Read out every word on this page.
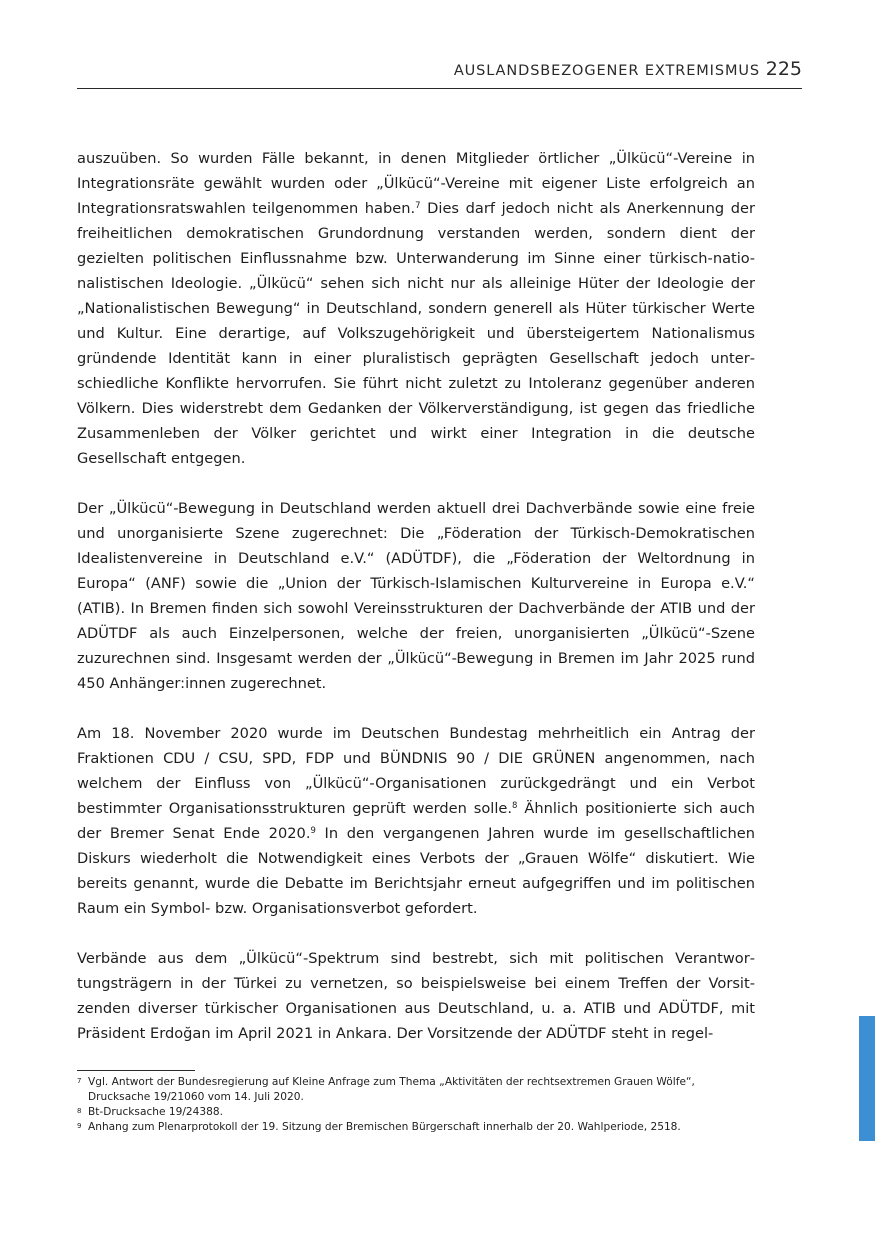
AUSLANDSBEZOGENER EXTREMISMUS 225

auszuüben. So wurden Fälle bekannt, in denen Mitglieder örtlicher „Ülkücü“-Vereine in Integrationsräte gewählt wurden oder „Ülkücü“-Vereine mit eigener Liste erfolgreich an Integrationsratswahlen teilgenommen haben.$^7$ Dies darf jedoch nicht als Anerkennung der freiheitlichen demokratischen Grundordnung verstanden werden, sondern dient der gezielten politischen Einflussnahme bzw. Unterwanderung im Sinne einer türkisch-nationalistischen Ideologie. „Ülkücü“ sehen sich nicht nur als alleinige Hüter der Ideologie der „Nationalistischen Bewegung“ in Deutschland, sondern generell als Hüter türkischer Werte und Kultur. Eine derartige, auf Volkszugehörigkeit und übersteigertem Nationalismus gründende Identität kann in einer pluralistisch geprägten Gesellschaft jedoch unterschiedliche Konflikte hervorrufen. Sie führt nicht zuletzt zu Intoleranz gegenüber anderen Völkern. Dies widerstrebt dem Gedanken der Völkerverständigung, ist gegen das friedliche Zusammenleben der Völker gerichtet und wirkt einer Integration in die deutsche Gesellschaft entgegen.

Der „Ülkücü“-Bewegung in Deutschland werden aktuell drei Dachverbände sowie eine freie und unorganisierte Szene zugerechnet: Die „Föderation der Türkisch-Demokratischen Idealistenvereine in Deutschland e.V.“ (ADÜTDF), die „Föderation der Weltordnung in Europa“ (ANF) sowie die „Union der Türkisch-Islamischen Kulturvereine in Europa e.V.“ (ATIB). In Bremen finden sich sowohl Vereinsstrukturen der Dachverbände der ATIB und der ADÜTDF als auch Einzelpersonen, welche der freien, unorganisierten „Ülkücü“-Szene zuzurechnen sind. Insgesamt werden der „Ülkücü“-Bewegung in Bremen im Jahr 2025 rund 450 Anhänger:innen zugerechnet.

Am 18. November 2020 wurde im Deutschen Bundestag mehrheitlich ein Antrag der Fraktionen CDU / CSU, SPD, FDP und BÜNDNIS 90 / DIE GRÜNEN angenommen, nach welchem der Einfluss von „Ülkücü“-Organisationen zurückgedrängt und ein Verbot bestimmter Organisationsstrukturen geprüft werden solle.$^8$ Ähnlich positionierte sich auch der Bremer Senat Ende 2020.$^9$ In den vergangenen Jahren wurde im gesellschaftlichen Diskurs wiederholt die Notwendigkeit eines Verbots der „Grauen Wölfe“ diskutiert. Wie bereits genannt, wurde die Debatte im Berichtsjahr erneut aufgegriffen und im politischen Raum ein Symbol- bzw. Organisationsverbot gefordert.

Verbände aus dem „Ülkücü“-Spektrum sind bestrebt, sich mit politischen Verantwortungsträgern in der Türkei zu vernetzen, so beispielsweise bei einem Treffen der Vorsitzenden diverser türkischer Organisationen aus Deutschland, u. a. ATIB und ADÜTDF, mit Präsident Erdoğan im April 2021 in Ankara. Der Vorsitzende der ADÜTDF steht in regel-

7 Vgl. Antwort der Bundesregierung auf Kleine Anfrage zum Thema „Aktivitäten der rechtsextremen Grauen Wölfe“, Drucksache 19/21060 vom 14. Juli 2020.
8 Bt-Drucksache 19/24388.
9 Anhang zum Plenarprotokoll der 19. Sitzung der Bremischen Bürgerschaft innerhalb der 20. Wahlperiode, 2518.
